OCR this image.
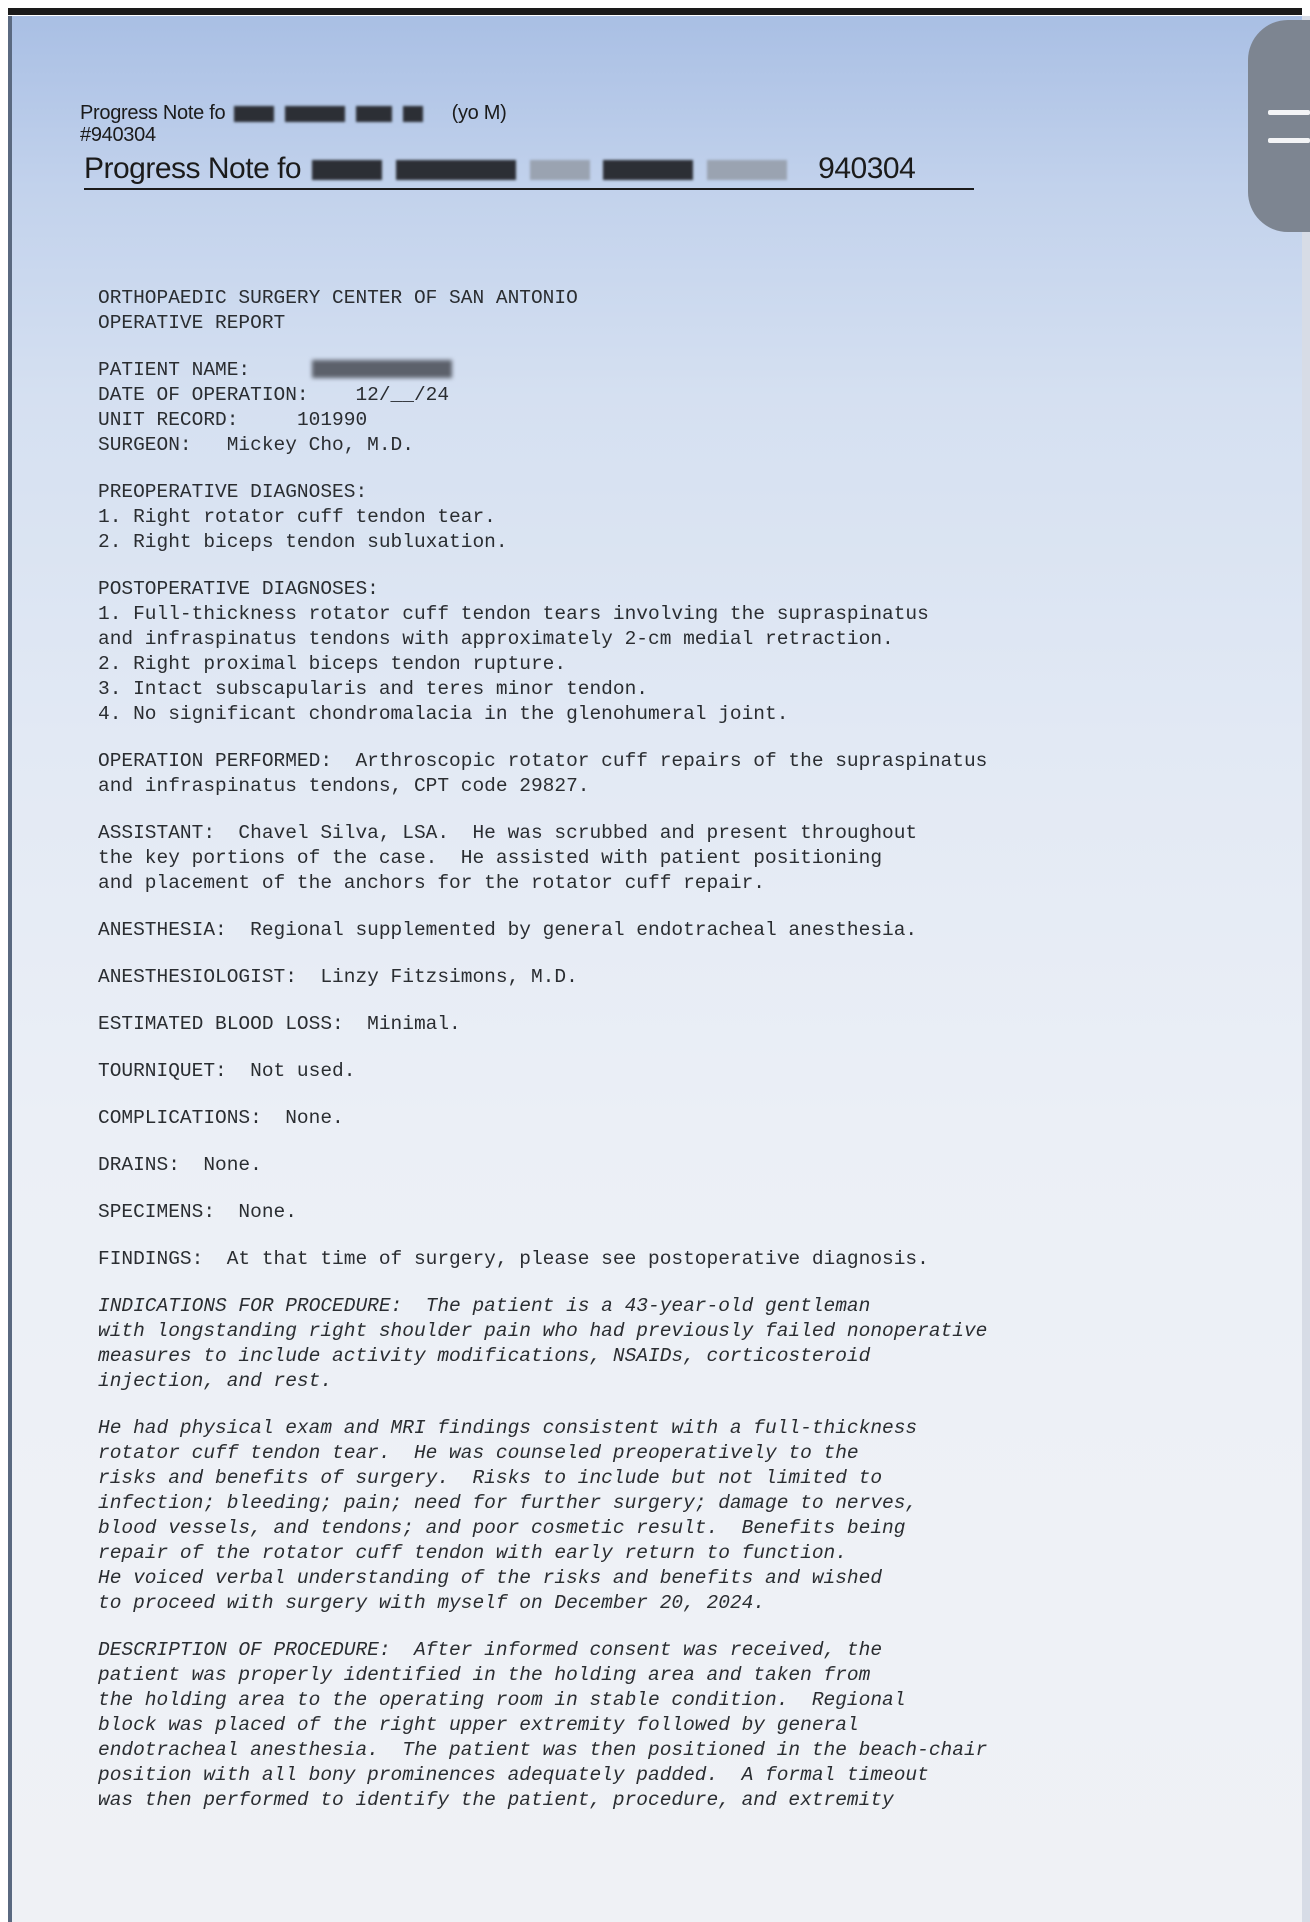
Progress Note fo	(yo M)
#940304
Progress Note fo	940304
ORTHOPAEDIC SURGERY CENTER OF SAN ANTONIO
OPERATIVE REPORT
PATIENT NAME:
DATE OF OPERATION: 12/__/24
UNIT RECORD:	101990
SURGEON: Mickey Cho, M.D.
PREOPERATIVE DIAGNOSES:
1. Right rotator cuff tendon tear.
2. Right biceps tendon subluxation.
POSTOPERATIVE DIAGNOSES:
1. Full-thickness rotator cuff tendon tears involving the supraspinatus
and infraspinatus tendons with approximately 2-cm medial retraction.
2. Right proximal biceps tendon rupture.
3. Intact subscapularis and teres minor tendon.
4. No significant chondromalacia in the glenohumeral joint.
OPERATION PERFORMED:  Arthroscopic rotator cuff repairs of the supraspinatus
and infraspinatus tendons, CPT code 29827.
ASSISTANT:  Chavel Silva, LSA.  He was scrubbed and present throughout
the key portions of the case.  He assisted with patient positioning
and placement of the anchors for the rotator cuff repair.
ANESTHESIA:  Regional supplemented by general endotracheal anesthesia.
ANESTHESIOLOGIST:  Linzy Fitzsimons, M.D.
ESTIMATED BLOOD LOSS:  Minimal.
TOURNIQUET:  Not used.
COMPLICATIONS:  None.
DRAINS:  None.
SPECIMENS:  None.
FINDINGS:  At that time of surgery, please see postoperative diagnosis.
INDICATIONS FOR PROCEDURE:  The patient is a 43-year-old gentleman
with longstanding right shoulder pain who had previously failed nonoperative
measures to include activity modifications, NSAIDs, corticosteroid
injection, and rest.
He had physical exam and MRI findings consistent with a full-thickness
rotator cuff tendon tear.  He was counseled preoperatively to the
risks and benefits of surgery.  Risks to include but not limited to
infection; bleeding; pain; need for further surgery; damage to nerves,
blood vessels, and tendons; and poor cosmetic result.  Benefits being
repair of the rotator cuff tendon with early return to function.
He voiced verbal understanding of the risks and benefits and wished
to proceed with surgery with myself on December 20, 2024.
DESCRIPTION OF PROCEDURE:  After informed consent was received, the
patient was properly identified in the holding area and taken from
the holding area to the operating room in stable condition.  Regional
block was placed of the right upper extremity followed by general
endotracheal anesthesia.  The patient was then positioned in the beach-chair
position with all bony prominences adequately padded.  A formal timeout
was then performed to identify the patient, procedure, and extremity
